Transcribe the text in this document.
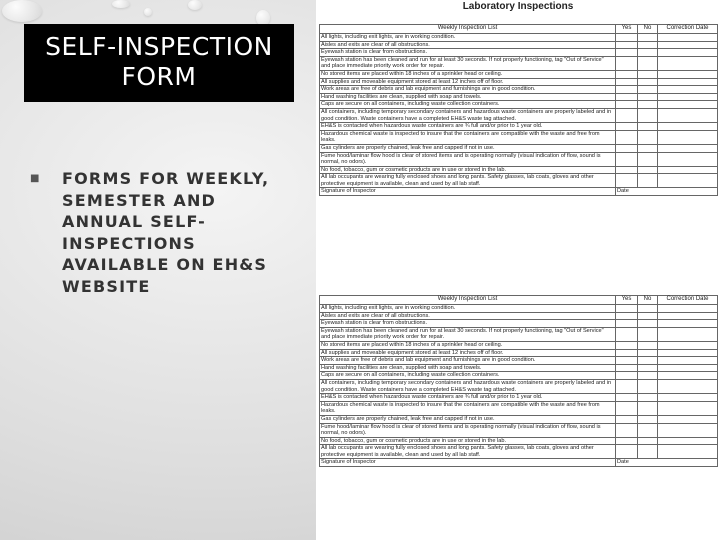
SELF-INSPECTION
FORM
■ FORMS FOR WEEKLY, SEMESTER AND ANNUAL SELF-INSPECTIONS AVAILABLE ON EH&S WEBSITE
Laboratory Inspections
Weekly Inspection List	Yes	No	Correction Date
All lights, including exit lights, are in working condition.			
Aisles and exits are clear of all obstructions.			
Eyewash station is clear from obstructions.			
Eyewash station has been cleaned and run for at least 30 seconds. If not properly functioning, tag "Out of Service" and place immediate priority work order for repair.			
No stored items are placed within 18 inches of a sprinkler head or ceiling.			
All supplies and moveable equipment stored at least 12 inches off of floor.			
Work areas are free of debris and lab equipment and furnishings are in good condition.			
Hand washing facilities are clean, supplied with soap and towels.			
Caps are secure on all containers, including waste collection containers.			
All containers, including temporary secondary containers and hazardous waste containers are properly labeled and in good condition. Waste containers have a completed EH&S waste tag attached.			
EH&S is contacted when hazardous waste containers are ¾ full and/or prior to 1 year old.			
Hazardous chemical waste is inspected to insure that the containers are compatible with the waste and free from leaks.			
Gas cylinders are properly chained, leak free and capped if not in use.			
Fume hood/laminar flow hood is clear of stored items and is operating normally (visual indication of flow, sound is normal, no odors).			
No food, tobacco, gum or cosmetic products are in use or stored in the lab.			
All lab occupants are wearing fully enclosed shoes and long pants. Safety glasses, lab coats, gloves and other protective equipment is available, clean and used by all lab staff.			
Signature of Inspector	Date		
Weekly Inspection List	Yes	No	Correction Date
All lights, including exit lights, are in working condition.			
Aisles and exits are clear of all obstructions.			
Eyewash station is clear from obstructions.			
Eyewash station has been cleaned and run for at least 30 seconds. If not properly functioning, tag "Out of Service" and place immediate priority work order for repair.			
No stored items are placed within 18 inches of a sprinkler head or ceiling.			
All supplies and moveable equipment stored at least 12 inches off of floor.			
Work areas are free of debris and lab equipment and furnishings are in good condition.			
Hand washing facilities are clean, supplied with soap and towels.			
Caps are secure on all containers, including waste collection containers.			
All containers, including temporary secondary containers and hazardous waste containers are properly labeled and in good condition. Waste containers have a completed EH&S waste tag attached.			
EH&S is contacted when hazardous waste containers are ¾ full and/or prior to 1 year old.			
Hazardous chemical waste is inspected to insure that the containers are compatible with the waste and free from leaks.			
Gas cylinders are properly chained, leak free and capped if not in use.			
Fume hood/laminar flow hood is clear of stored items and is operating normally (visual indication of flow, sound is normal, no odors).			
No food, tobacco, gum or cosmetic products are in use or stored in the lab.			
All lab occupants are wearing fully enclosed shoes and long pants. Safety glasses, lab coats, gloves and other protective equipment is available, clean and used by all lab staff.			
Signature of Inspector	Date		
